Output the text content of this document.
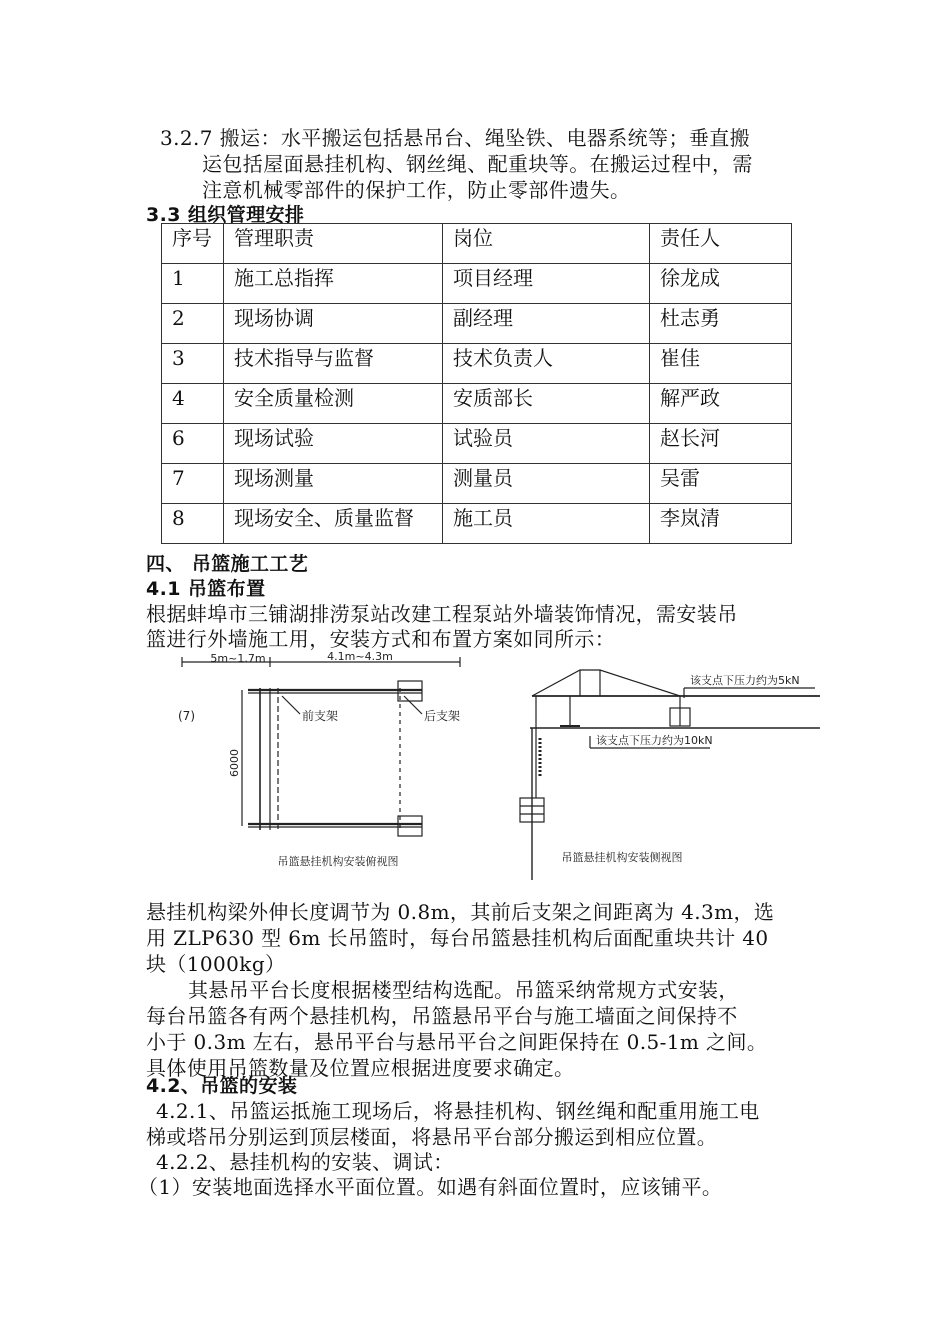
3.2.7 搬运：水平搬运包括悬吊台、绳坠铁、电器系统等；垂直搬
运包括屋面悬挂机构、钢丝绳、配重块等。在搬运过程中，需
注意机械零部件的保护工作，防止零部件遗失。
3.3 组织管理安排
序号	管理职责	岗位	责任人
1	施工总指挥	项目经理	徐龙成
2	现场协调	副经理	杜志勇
3	技术指导与监督	技术负责人	崔佳
4	安全质量检测	安质部长	解严政
6	现场试验	试验员	赵长河
7	现场测量	测量员	吴雷
8	现场安全、质量监督	施工员	李岚清
四、 吊篮施工工艺
4.1 吊篮布置
根据蚌埠市三铺湖排涝泵站改建工程泵站外墙装饰情况，需安装吊
篮进行外墙施工用，安装方式和布置方案如同所示：
5m~1.7m	4.1m~4.3m
(7)	前支架	后支架
6000
吊篮悬挂机构安装俯视图
该支点下压力约为5kN
该支点下压力约为10kN
吊篮悬挂机构安装侧视图
悬挂机构梁外伸长度调节为 0.8m，其前后支架之间距离为 4.3m，选
用 ZLP630 型 6m 长吊篮时，每台吊篮悬挂机构后面配重块共计 40
块（1000kg）
其悬吊平台长度根据楼型结构选配。吊篮采纳常规方式安装，
每台吊篮各有两个悬挂机构，吊篮悬吊平台与施工墙面之间保持不
小于 0.3m 左右，悬吊平台与悬吊平台之间距保持在 0.5-1m 之间。
具体使用吊篮数量及位置应根据进度要求确定。
4.2、吊篮的安装
4.2.1、吊篮运抵施工现场后，将悬挂机构、钢丝绳和配重用施工电
梯或塔吊分别运到顶层楼面，将悬吊平台部分搬运到相应位置。
4.2.2、悬挂机构的安装、调试：
（1）安装地面选择水平面位置。如遇有斜面位置时，应该铺平。
